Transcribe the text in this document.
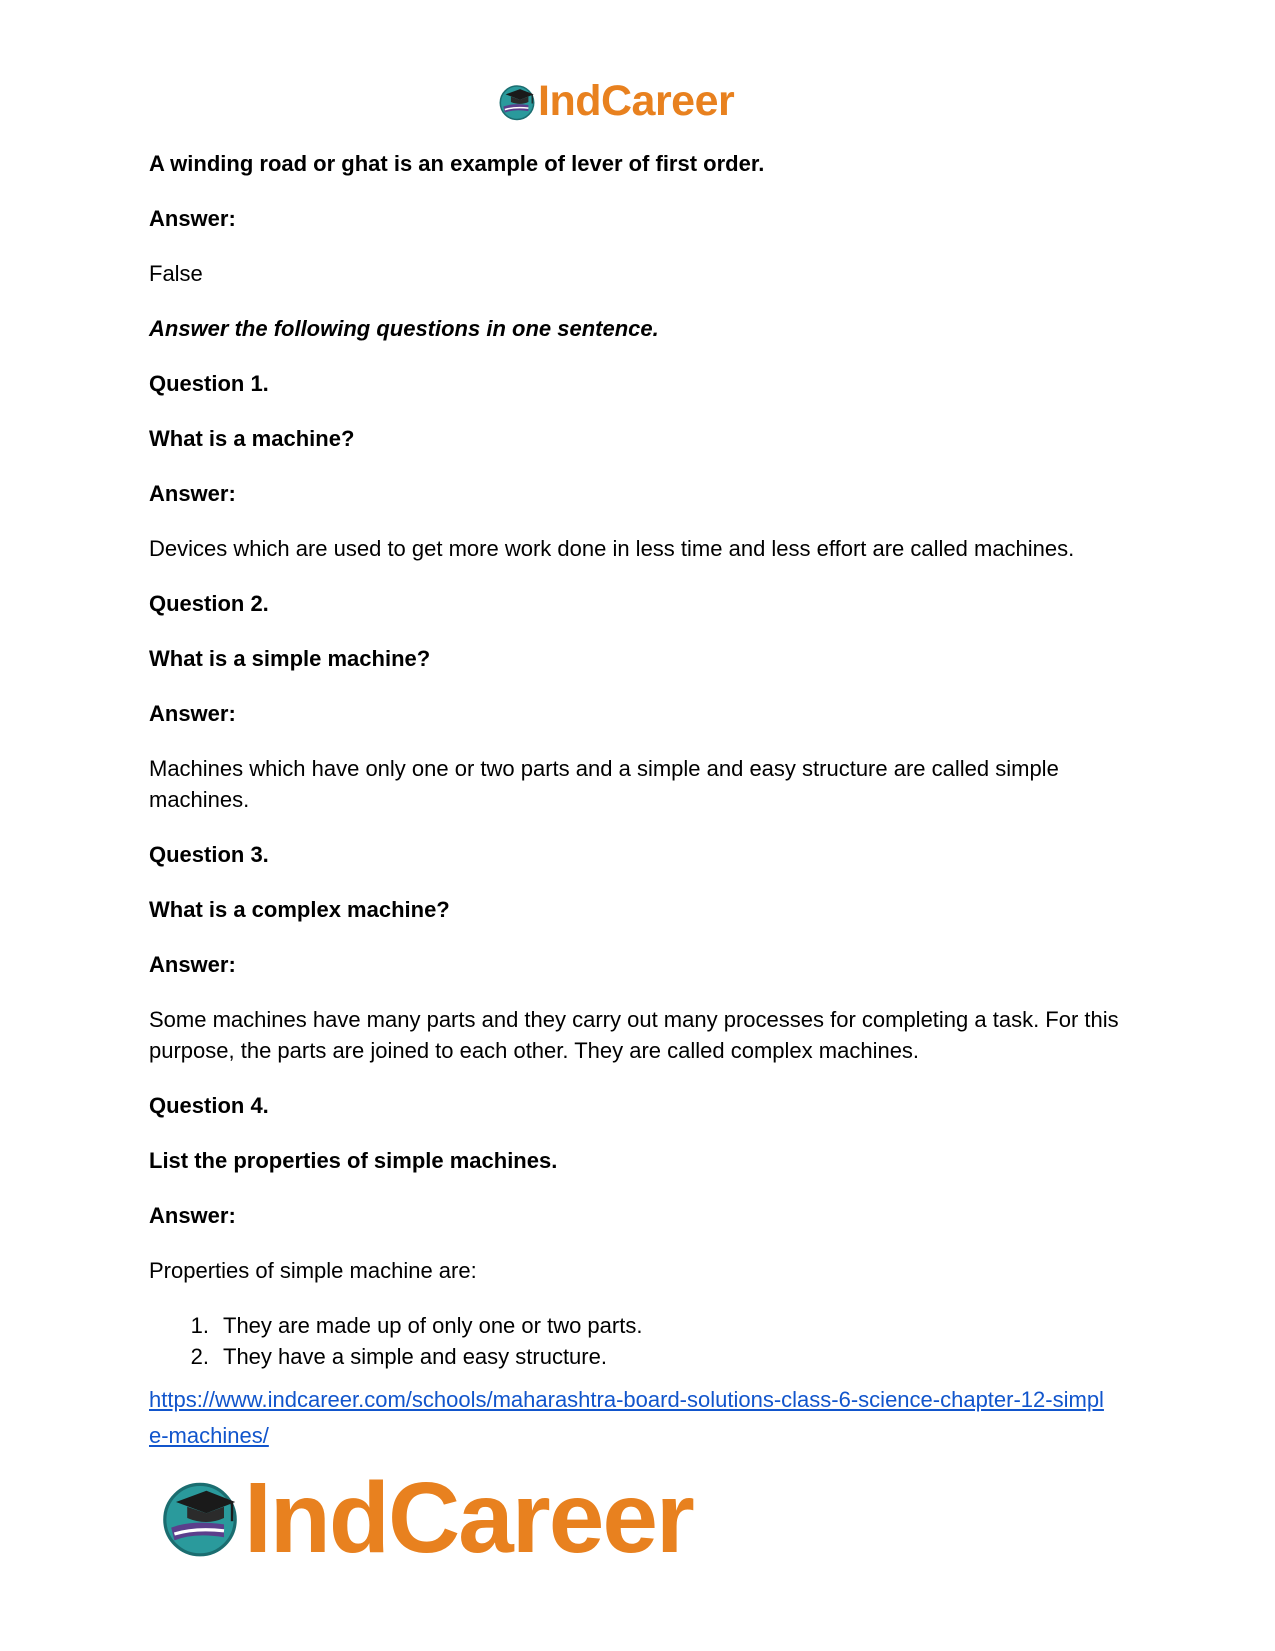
IndCareer

A winding road or ghat is an example of lever of first order.

Answer:

False

Answer the following questions in one sentence.

Question 1.

What is a machine?

Answer:

Devices which are used to get more work done in less time and less effort are called machines.

Question 2.

What is a simple machine?

Answer:

Machines which have only one or two parts and a simple and easy structure are called simple machines.

Question 3.

What is a complex machine?

Answer:

Some machines have many parts and they carry out many processes for completing a task. For this purpose, the parts are joined to each other. They are called complex machines.

Question 4.

List the properties of simple machines.

Answer:

Properties of simple machine are:

1. They are made up of only one or two parts.
2. They have a simple and easy structure.
https://www.indcareer.com/schools/maharashtra-board-solutions-class-6-science-chapter-12-simple-machines/
IndCareer
